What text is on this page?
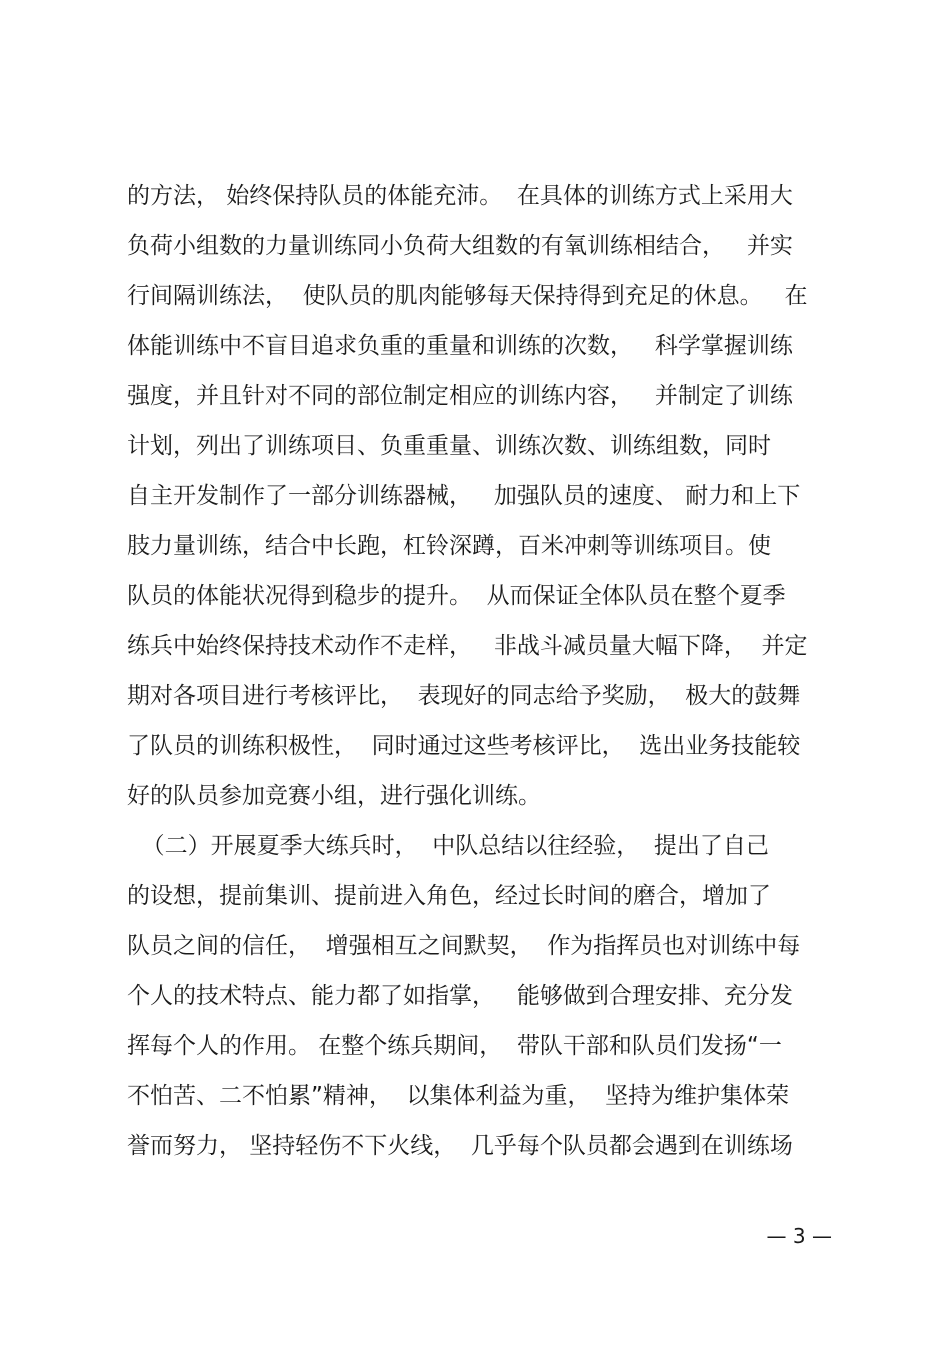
的方法， 始终保持队员的体能充沛。  在具体的训练方式上采用大
负荷小组数的力量训练同小负荷大组数的有氧训练相结合，   并实
行间隔训练法，  使队员的肌肉能够每天保持得到充足的休息。   在
体能训练中不盲目追求负重的重量和训练的次数，   科学掌握训练
强度，并且针对不同的部位制定相应的训练内容，   并制定了训练
计划，列出了训练项目、负重重量、训练次数、训练组数，同时
自主开发制作了一部分训练器械，   加强队员的速度、 耐力和上下
肢力量训练，结合中长跑，杠铃深蹲，百米冲刺等训练项目。使
队员的体能状况得到稳步的提升。  从而保证全体队员在整个夏季
练兵中始终保持技术动作不走样，   非战斗减员量大幅下降，  并定
期对各项目进行考核评比，  表现好的同志给予奖励，  极大的鼓舞
了队员的训练积极性，  同时通过这些考核评比，  选出业务技能较
好的队员参加竞赛小组，进行强化训练。
（二）开展夏季大练兵时，  中队总结以往经验，  提出了自己
的设想，提前集训、提前进入角色，经过长时间的磨合，增加了
队员之间的信任，  增强相互之间默契，  作为指挥员也对训练中每
个人的技术特点、能力都了如指掌，   能够做到合理安排、充分发
挥每个人的作用。 在整个练兵期间，  带队干部和队员们发扬“一
不怕苦、二不怕累”精神，  以集体利益为重，  坚持为维护集体荣
誉而努力， 坚持轻伤不下火线，  几乎每个队员都会遇到在训练场
— 3 —
